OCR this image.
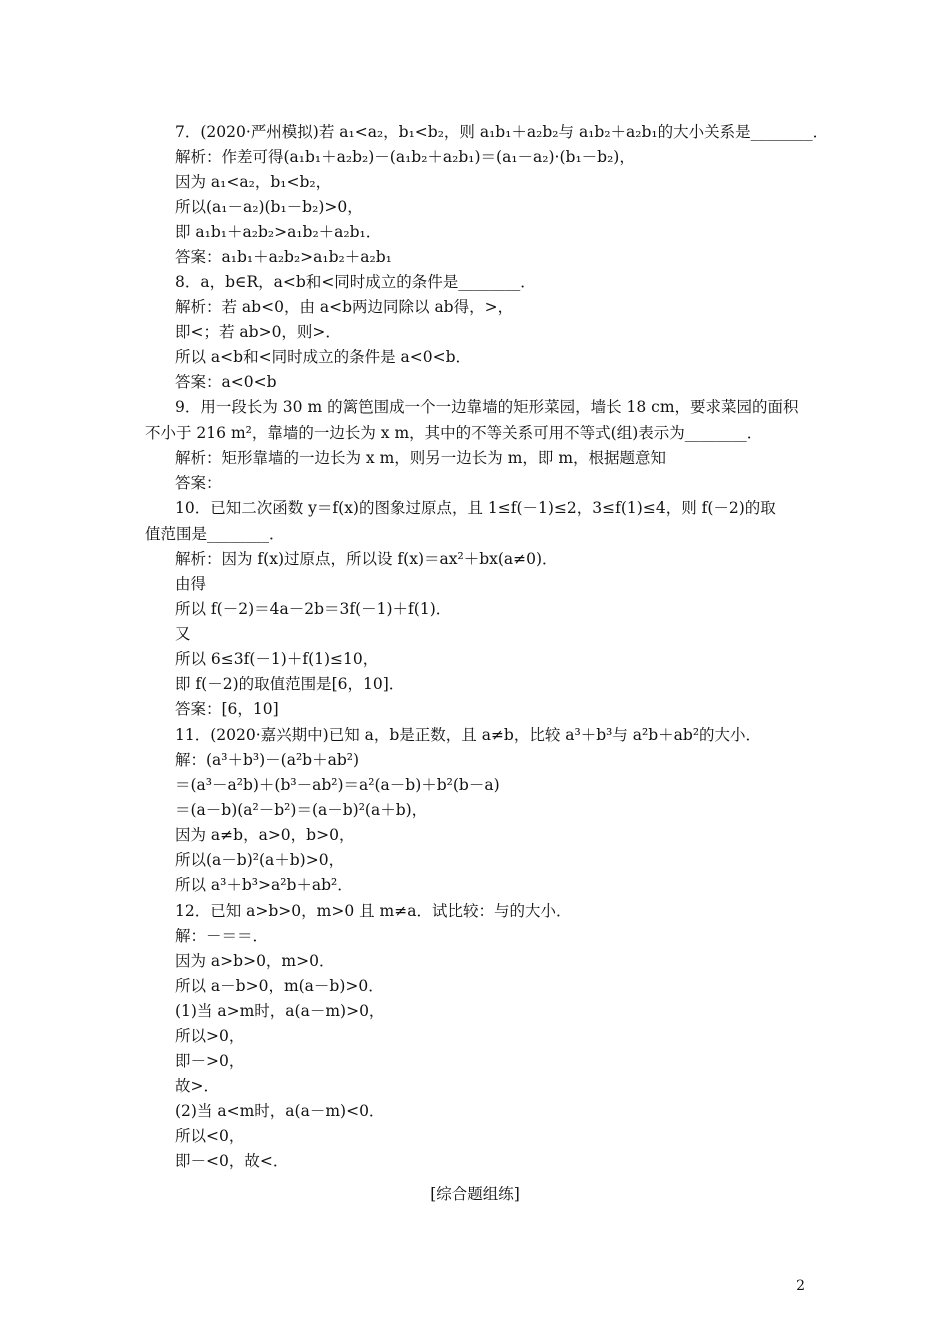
7．(2020·严州模拟)若 a₁<a₂，b₁<b₂，则 a₁b₁＋a₂b₂与 a₁b₂＋a₂b₁的大小关系是________．
解析：作差可得(a₁b₁＋a₂b₂)－(a₁b₂＋a₂b₁)＝(a₁－a₂)·(b₁－b₂)，
因为 a₁<a₂，b₁<b₂，
所以(a₁－a₂)(b₁－b₂)>0，
即 a₁b₁＋a₂b₂>a₁b₂＋a₂b₁．
答案：a₁b₁＋a₂b₂>a₁b₂＋a₂b₁
8．a，b∈R，a<b和<同时成立的条件是________．
解析：若 ab<0，由 a<b两边同除以 ab得，>，
即<；若 ab>0，则>．
所以 a<b和<同时成立的条件是 a<0<b．
答案：a<0<b
9．用一段长为 30 m 的篱笆围成一个一边靠墙的矩形菜园，墙长 18 cm，要求菜园的面积
不小于 216 m²，靠墙的一边长为 x m，其中的不等关系可用不等式(组)表示为________．
解析：矩形靠墙的一边长为 x m，则另一边长为 m，即 m，根据题意知
答案：
10．已知二次函数 y＝f(x)的图象过原点，且 1≤f(－1)≤2，3≤f(1)≤4，则 f(－2)的取
值范围是________．
解析：因为 f(x)过原点，所以设 f(x)＝ax²＋bx(a≠0)．
由得
所以 f(－2)＝4a－2b＝3f(－1)＋f(1)．
又
所以 6≤3f(－1)＋f(1)≤10，
即 f(－2)的取值范围是[6，10]．
答案：[6，10]
11．(2020·嘉兴期中)已知 a，b是正数，且 a≠b，比较 a³＋b³与 a²b＋ab²的大小．
解：(a³＋b³)－(a²b＋ab²)
＝(a³－a²b)＋(b³－ab²)＝a²(a－b)＋b²(b－a)
＝(a－b)(a²－b²)＝(a－b)²(a＋b)，
因为 a≠b，a>0，b>0，
所以(a－b)²(a＋b)>0，
所以 a³＋b³>a²b＋ab²．
12．已知 a>b>0，m>0 且 m≠a．试比较：与的大小．
解：－＝＝．
因为 a>b>0，m>0．
所以 a－b>0，m(a－b)>0．
(1)当 a>m时，a(a－m)>0，
所以>0，
即－>0，
故>．
(2)当 a<m时，a(a－m)<0．
所以<0，
即－<0，故<．
[综合题组练]
2
